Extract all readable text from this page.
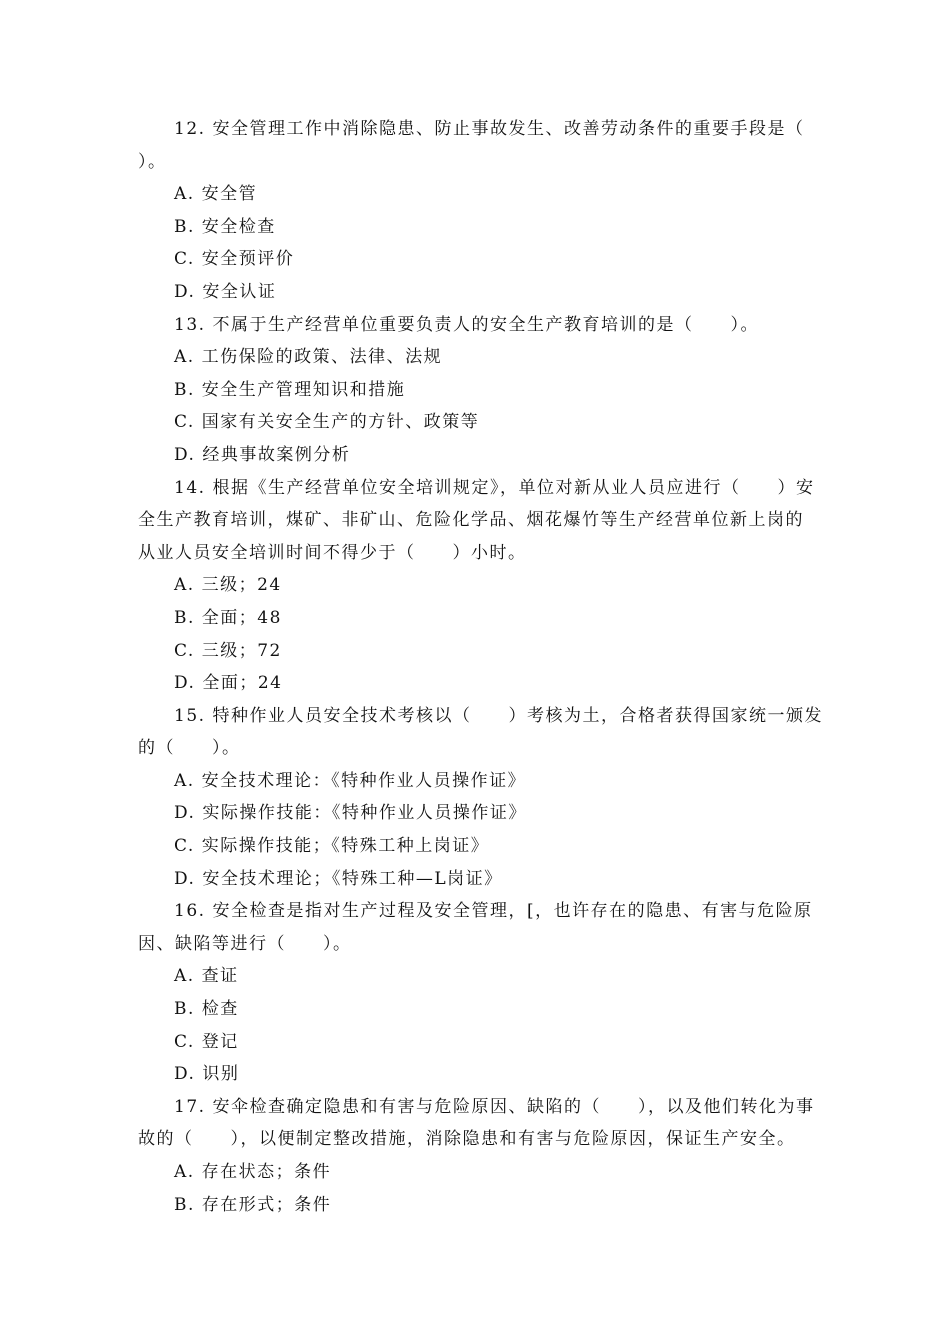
12. 安全管理工作中消除隐患、防止事故发生、改善劳动条件的重要手段是（
）。
A. 安全管
B. 安全检查
C. 安全预评价
D. 安全认证
13. 不属于生产经营单位重要负责人的安全生产教育培训的是（　　）。
A. 工伤保险的政策、法律、法规
B. 安全生产管理知识和措施
C. 国家有关安全生产的方针、政策等
D. 经典事故案例分析
14. 根据《生产经营单位安全培训规定》，单位对新从业人员应进行（　　）安
全生产教育培训，煤矿、非矿山、危险化学品、烟花爆竹等生产经营单位新上岗的
从业人员安全培训时间不得少于（　　）小时。
A. 三级；24
B. 全面；48
C. 三级；72
D. 全面；24
15. 特种作业人员安全技术考核以（　　）考核为土，合格者获得国家统一颁发
的（　　）。
A. 安全技术理论：《特种作业人员操作证》
D. 实际操作技能：《特种作业人员操作证》
C. 实际操作技能；《特殊工种上岗证》
D. 安全技术理论；《特殊工种—L岗证》
16. 安全检查是指对生产过程及安全管理，[，也许存在的隐患、有害与危险原
因、缺陷等进行（　　）。
A. 查证
B. 检查
C. 登记
D. 识别
17. 安伞检查确定隐患和有害与危险原因、缺陷的（　　），以及他们转化为事
故的（　　），以便制定整改措施，消除隐患和有害与危险原因，保证生产安全。
A. 存在状态；条件
B. 存在形式；条件
